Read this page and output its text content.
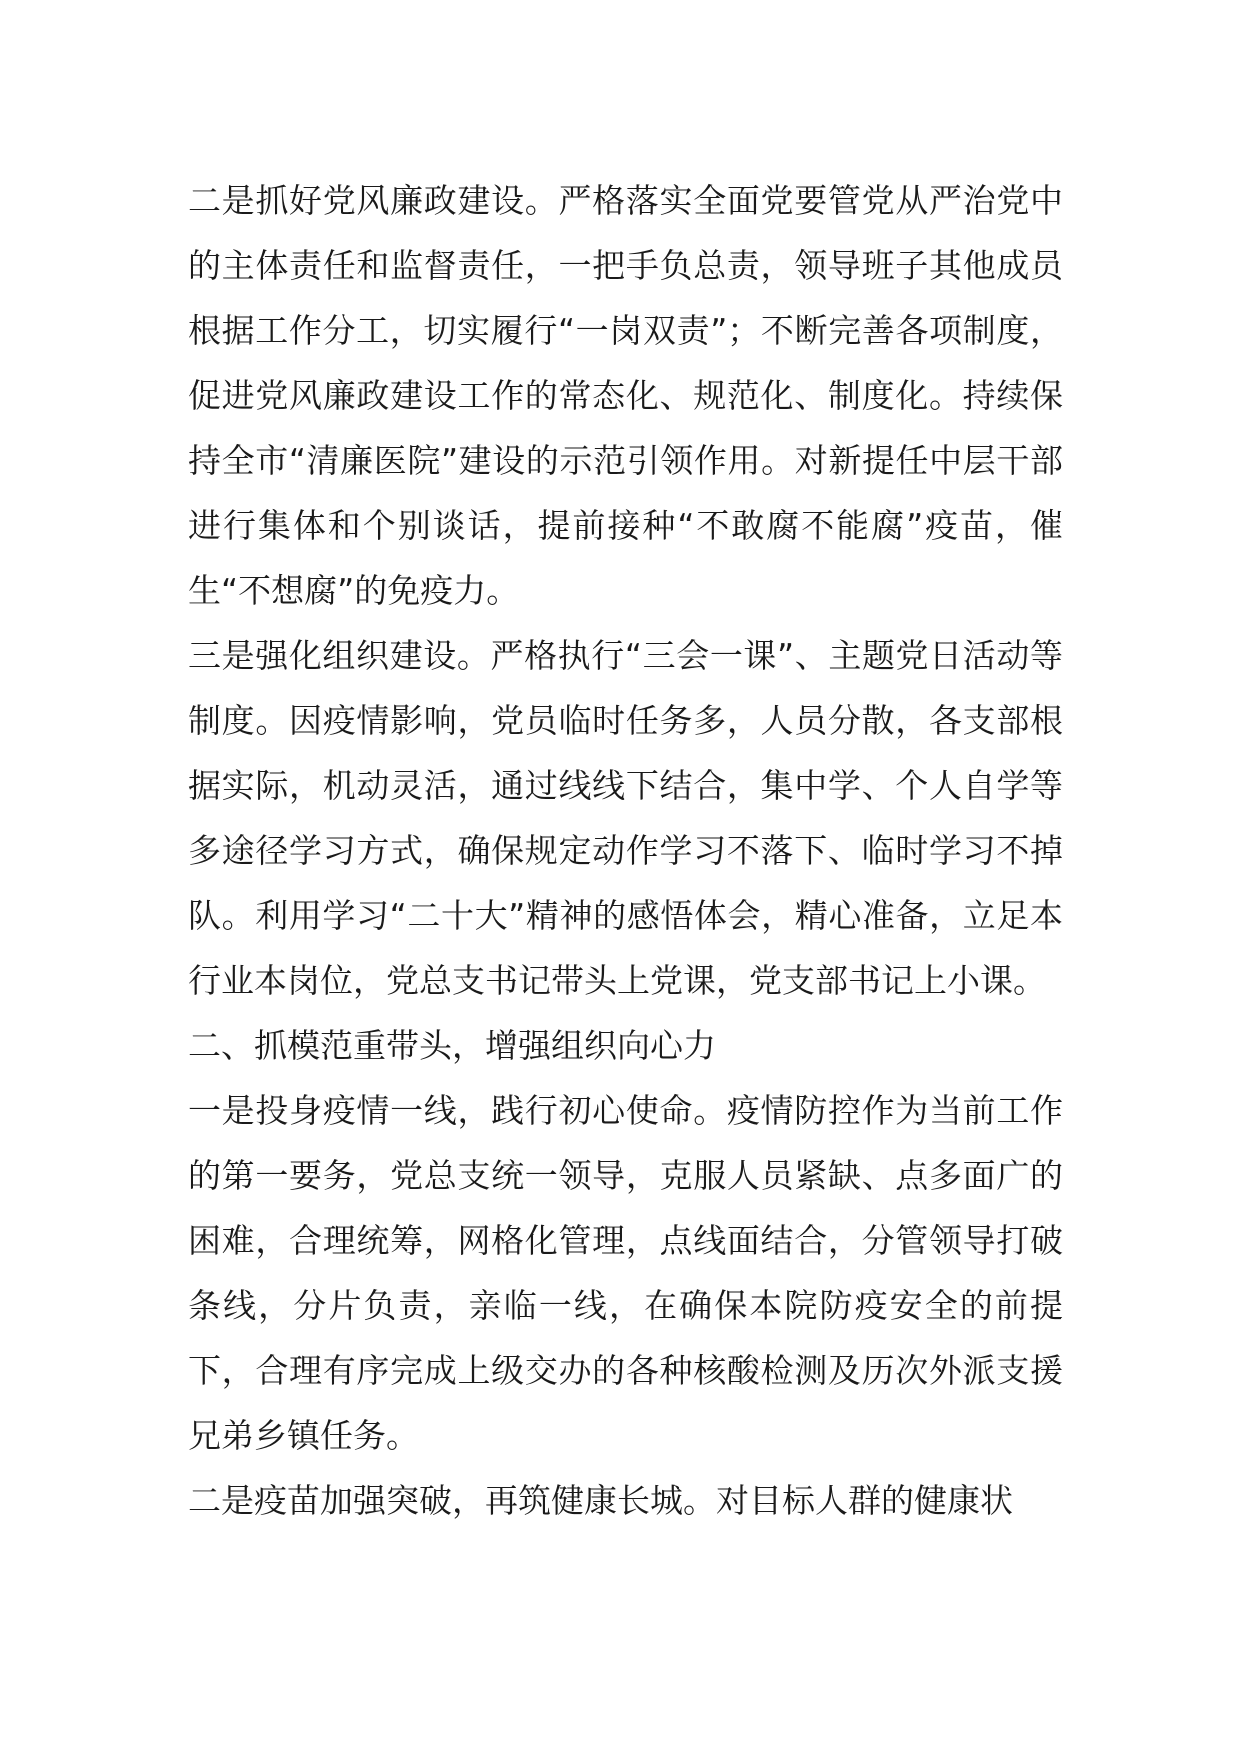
二是抓好党风廉政建设。严格落实全面党要管党从严治党中的主体责任和监督责任，一把手负总责，领导班子其他成员根据工作分工，切实履行“一岗双责”；不断完善各项制度，促进党风廉政建设工作的常态化、规范化、制度化。持续保持全市“清廉医院”建设的示范引领作用。对新提任中层干部进行集体和个别谈话，提前接种“不敢腐不能腐”疫苗，催生“不想腐”的免疫力。

三是强化组织建设。严格执行“三会一课”、主题党日活动等制度。因疫情影响，党员临时任务多，人员分散，各支部根据实际，机动灵活，通过线线下结合，集中学、个人自学等多途径学习方式，确保规定动作学习不落下、临时学习不掉队。利用学习“二十大”精神的感悟体会，精心准备，立足本行业本岗位，党总支书记带头上党课，党支部书记上小课。

二、抓模范重带头，增强组织向心力

一是投身疫情一线，践行初心使命。疫情防控作为当前工作的第一要务，党总支统一领导，克服人员紧缺、点多面广的困难，合理统筹，网格化管理，点线面结合，分管领导打破条线，分片负责，亲临一线，在确保本院防疫安全的前提下，合理有序完成上级交办的各种核酸检测及历次外派支援兄弟乡镇任务。

二是疫苗加强突破，再筑健康长城。对目标人群的健康状
